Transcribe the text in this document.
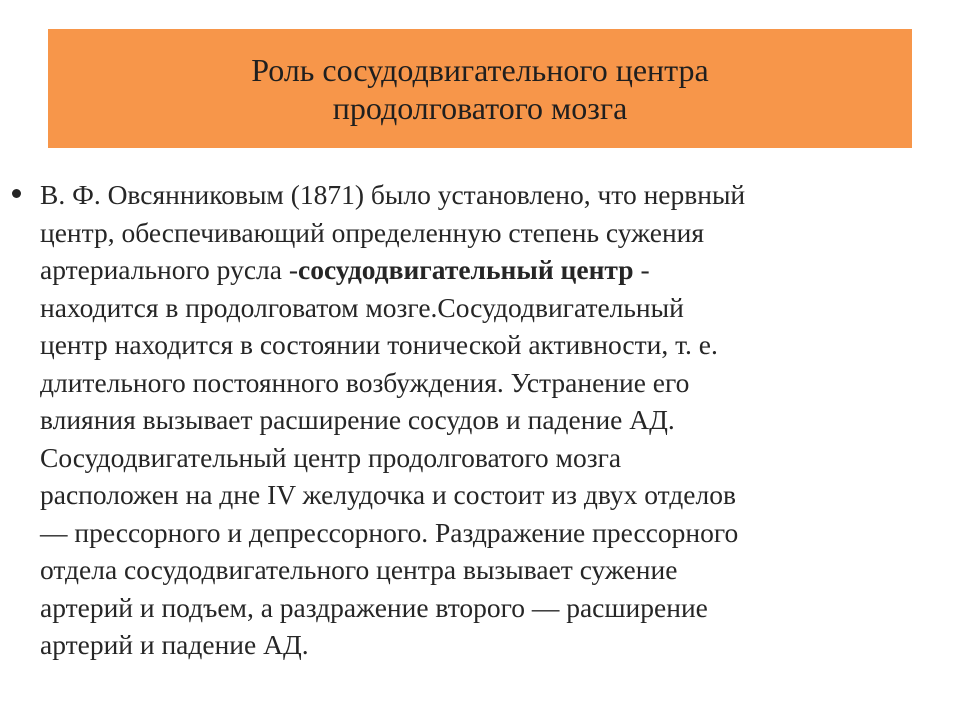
Роль сосудодвигательного центра
продолговатого мозга
В. Ф. Овсянниковым (1871) было установлено, что нервный
центр, обеспечивающий определенную степень сужения
артериального русла -сосудодвигательный центр -
находится в продолговатом мозге.Сосудодвигательный
центр находится в состоянии тонической активности, т. е.
длительного постоянного возбуждения. Устранение его
влияния вызывает расширение сосудов и падение АД.
Сосудодвигательный центр продолговатого мозга
расположен на дне IV желудочка и состоит из двух отделов
— прессорного и депрессорного. Раздражение прессорного
отдела сосудодвигательного центра вызывает сужение
артерий и подъем, а раздражение второго — расширение
артерий и падение АД.
